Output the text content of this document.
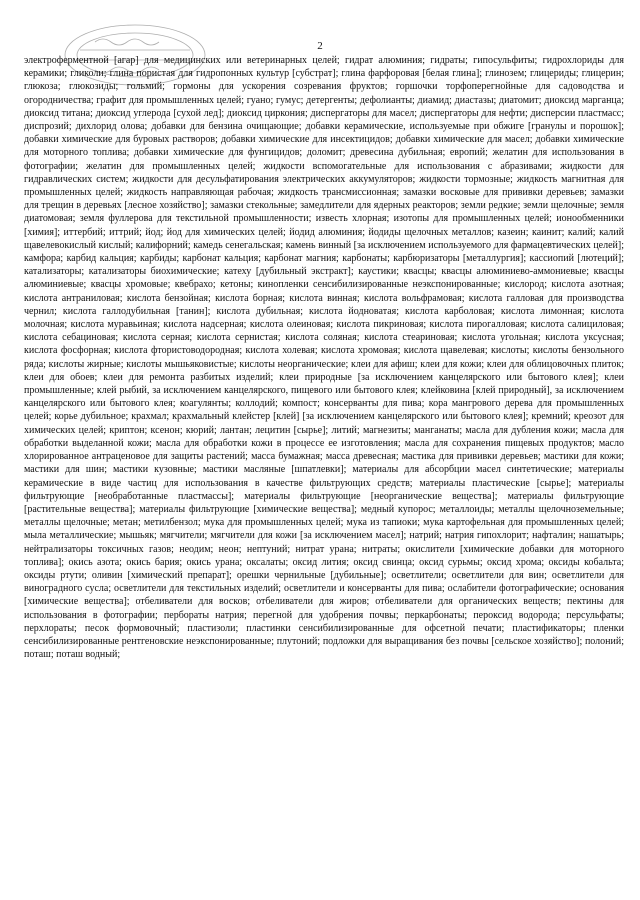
2

электроферментной [агар] для медицинских или ветеринарных целей; гидрат алюминия; гидраты; гипосульфиты; гидрохлориды для керамики; гликоли; глина пористая для гидропонных культур [субстрат]; глина фарфоровая [белая глина]; глинозем; глицериды; глицерин; глюкоза; глюкозиды; гольмий; гормоны для ускорения созревания фруктов; горшочки торфоперегнойные для садоводства и огородничества; графит для промышленных целей; гуано; гумус; детергенты; дефолианты; диамид; диастазы; диатомит; диоксид марганца; диоксид титана; диоксид углерода [сухой лед]; диоксид циркония; диспергаторы для масел; диспергаторы для нефти; дисперсии пластмасс; диспрозий; дихлорид олова; добавки для бензина очищающие; добавки керамические, используемые при обжиге [гранулы и порошок]; добавки химические для буровых растворов; добавки химические для инсектицидов; добавки химические для масел; добавки химические для моторного топлива; добавки химические для фунгицидов; доломит; древесина дубильная; европий; желатин для использования в фотографии; желатин для промышленных целей; жидкости вспомогательные для использования с абразивами; жидкости для гидравлических систем; жидкости для десульфатирования электрических аккумуляторов; жидкости тормозные; жидкость магнитная для промышленных целей; жидкость направляющая рабочая; жидкость трансмиссионная; замазки восковые для прививки деревьев; замазки для трещин в деревьях [лесное хозяйство]; замазки стекольные; замедлители для ядерных реакторов; земли редкие; земли щелочные; земля диатомовая; земля фуллерова для текстильной промышленности; известь хлорная; изотопы для промышленных целей; ионообменники [химия]; иттербий; иттрий; йод; йод для химических целей; йодид алюминия; йодиды щелочных металлов; казеин; каинит; калий; калий щавелевокислый кислый; калифорний; камедь сенегальская; камень винный [за исключением используемого для фармацевтических целей]; камфора; карбид кальция; карбиды; карбонат кальция; карбонат магния; карбонаты; карбюризаторы [металлургия]; кассиопий [лютеций]; катализаторы; катализаторы биохимические; катеху [дубильный экстракт]; каустики; квасцы; квасцы алюминиево-аммониевые; квасцы алюминиевые; квасцы хромовые; квебрахо; кетоны; кинопленки сенсибилизированные неэкспонированные; кислород; кислота азотная; кислота антраниловая; кислота бензойная; кислота борная; кислота винная; кислота вольфрамовая; кислота галловая для производства чернил; кислота галлодубильная [танин]; кислота дубильная; кислота йодноватая; кислота карболовая; кислота лимонная; кислота молочная; кислота муравьиная; кислота надсерная; кислота олеиновая; кислота пикриновая; кислота пирогалловая; кислота салициловая; кислота себациновая; кислота серная; кислота сернистая; кислота соляная; кислота стеариновая; кислота угольная; кислота уксусная; кислота фосфорная; кислота фтористоводородная; кислота холевая; кислота хромовая; кислота щавелевая; кислоты; кислоты бензольного ряда; кислоты жирные; кислоты мышьяковистые; кислоты неорганические; клеи для афиш; клеи для кожи; клеи для облицовочных плиток; клеи для обоев; клеи для ремонта разбитых изделий; клеи природные [за исключением канцелярского или бытового клея]; клеи промышленные; клей рыбий, за исключением канцелярского, пищевого или бытового клея; клейковина [клей природный], за исключением канцелярского или бытового клея; коагулянты; коллодий; компост; консерванты для пива; кора мангрового дерева для промышленных целей; корье дубильное; крахмал; крахмальный клейстер [клей] [за исключением канцелярского или бытового клея]; кремний; креозот для химических целей; криптон; ксенон; кюрий; лантан; лецитин [сырье]; литий; магнезиты; манганаты; масла для дубления кожи; масла для обработки выделанной кожи; масла для обработки кожи в процессе ее изготовления; масла для сохранения пищевых продуктов; масло хлорированное антраценовое для защиты растений; масса бумажная; масса древесная; мастика для прививки деревьев; мастики для кожи; мастики для шин; мастики кузовные; мастики масляные [шпатлевки]; материалы для абсорбции масел синтетические; материалы керамические в виде частиц для использования в качестве фильтрующих средств; материалы пластические [сырье]; материалы фильтрующие [необработанные пластмассы]; материалы фильтрующие [неорганические вещества]; материалы фильтрующие [растительные вещества]; материалы фильтрующие [химические вещества]; медный купорос; металлоиды; металлы щелочноземельные; металлы щелочные; метан; метилбензол; мука для промышленных целей; мука из тапиоки; мука картофельная для промышленных целей; мыла металлические; мышьяк; мягчители; мягчители для кожи [за исключением масел]; натрий; натрия гипохлорит; нафталин; нашатырь; нейтрализаторы токсичных газов; неодим; неон; нептуний; нитрат урана; нитраты; окислители [химические добавки для моторного топлива]; окись азота; окись бария; окись урана; оксалаты; оксид лития; оксид свинца; оксид сурьмы; оксид хрома; оксиды кобальта; оксиды ртути; оливин [химический препарат]; орешки чернильные [дубильные]; осветлители; осветлители для вин; осветлители для виноградного сусла; осветлители для текстильных изделий; осветлители и консерванты для пива; ослабители фотографические; основания [химические вещества]; отбеливатели для восков; отбеливатели для жиров; отбеливатели для органических веществ; пектины для использования в фотографии; пербораты натрия; перегной для удобрения почвы; перкарбонаты; пероксид водорода; персульфаты; перхлораты; песок формовочный; пластизоли; пластинки сенсибилизированные для офсетной печати; пластификаторы; пленки сенсибилизированные рентгеновские неэкспонированные; плутоний; подложки для выращивания без почвы [сельское хозяйство]; полоний; поташ; поташ водный;
